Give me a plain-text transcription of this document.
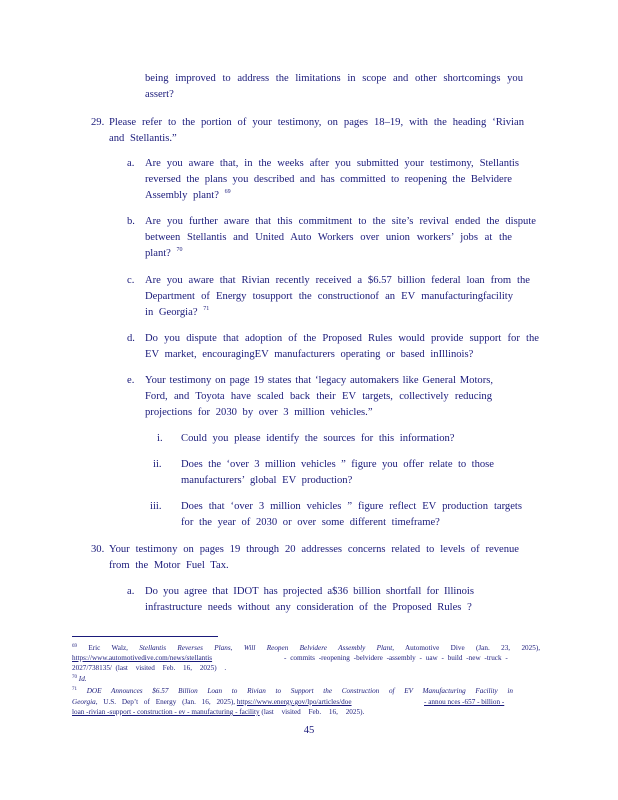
being improved to address the limitations in scope and other shortcomings you
assert?
29. Please refer to the portion of your testimony, on pages 18–19, with the heading ‘Rivian
and Stellantis.”
a. Are you aware that, in the weeks after you submitted your testimony, Stellantis
reversed the plans you described and has committed to reopening the Belvidere
Assembly plant? $^{69}$
b. Are you further aware that this commitment to the site’s revival ended the dispute
between Stellantis and United Auto Workers over union workers’ jobs at the
plant? $^{70}$
c. Are you aware that Rivian recently received a $6.57 billion federal loan from the
Department of Energy tosupport the constructionof an EV manufacturingfacility
in Georgia? $^{71}$
d. Do you dispute that adoption of the Proposed Rules would provide support for the
EV market, encouragingEV manufacturers operating or based inIllinois?
e. Your testimony on page 19 states that ‘legacy automakers like General Motors,
Ford, and Toyota have scaled back their EV targets, collectively reducing
projections for 2030 by over 3 million vehicles.”
i. Could you please identify the sources for this information?
ii. Does the ‘over 3 million vehicles ” figure you offer relate to those
manufacturers’ global EV production?
iii. Does that ‘over 3 million vehicles ” figure reflect EV production targets
for the year of 2030 or over some different timeframe?
30. Your testimony on pages 19 through 20 addresses concerns related to levels of revenue
from the Motor Fuel Tax.
a. Do you agree that IDOT has projected a$36 billion shortfall for Illinois
infrastructure needs without any consideration of the Proposed Rules ?
$^{69}$ Eric Walz, Stellantis Reverses Plans, Will Reopen Belvidere Assembly Plant, Automotive Dive (Jan. 23, 2025),
https://www.automotivedive.com/news/stellantis	- commits -reopening -belvidere -assembly - uaw - build -new -truck -
2027/738135/ (last visited Feb. 16, 2025) .
$^{70}$ Id.
$^{71}$ DOE Announces $6.57 Billion Loan to Rivian to Support the Construction of EV Manufacturing Facility in
Georgia, U.S. Dep’t of Energy (Jan. 16, 2025), https://www.energy.gov/lpo/articles/doe	- annou nces -657 - billion -
loan -rivian -support - construction - ev - manufacturing - facility (last visited Feb. 16, 2025).
45
